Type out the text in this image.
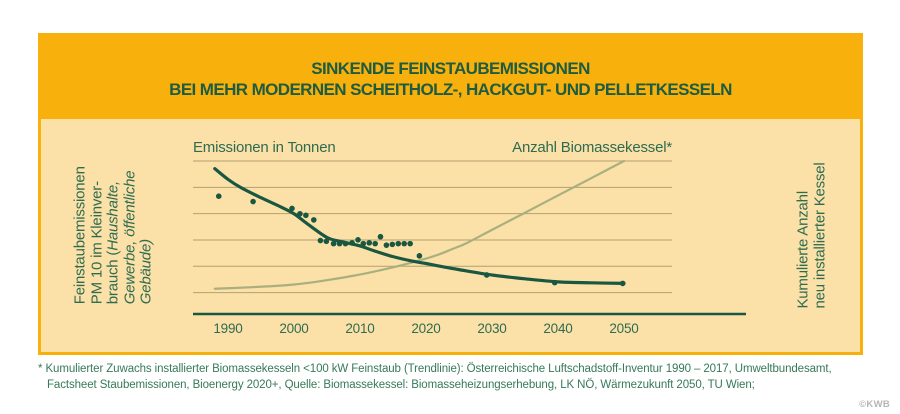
SINKENDE FEINSTAUBEMISSIONEN
BEI MEHR MODERNEN SCHEITHOLZ-, HACKGUT- UND PELLETKESSELN
Feinstaubemissionen PM 10 im Kleinver- brauch (Haushalte, Gewerbe, öffentliche Gebäude)	Kumulierte Anzahl neu installierter Kessel
Emissionen in Tonnen	Anzahl Biomassekessel*
1990	2000	2010	2020	2030	2040	2050
* Kumulierter Zuwachs installierter Biomassekesseln <100 kW Feinstaub (Trendlinie): Österreichische Luftschadstoff-Inventur 1990 – 2017, Umweltbundesamt,
Factsheet Staubemissionen, Bioenergy 2020+, Quelle: Biomassekessel: Biomasseheizungserhebung, LK NÖ, Wärmezukunft 2050, TU Wien;
©KWB
